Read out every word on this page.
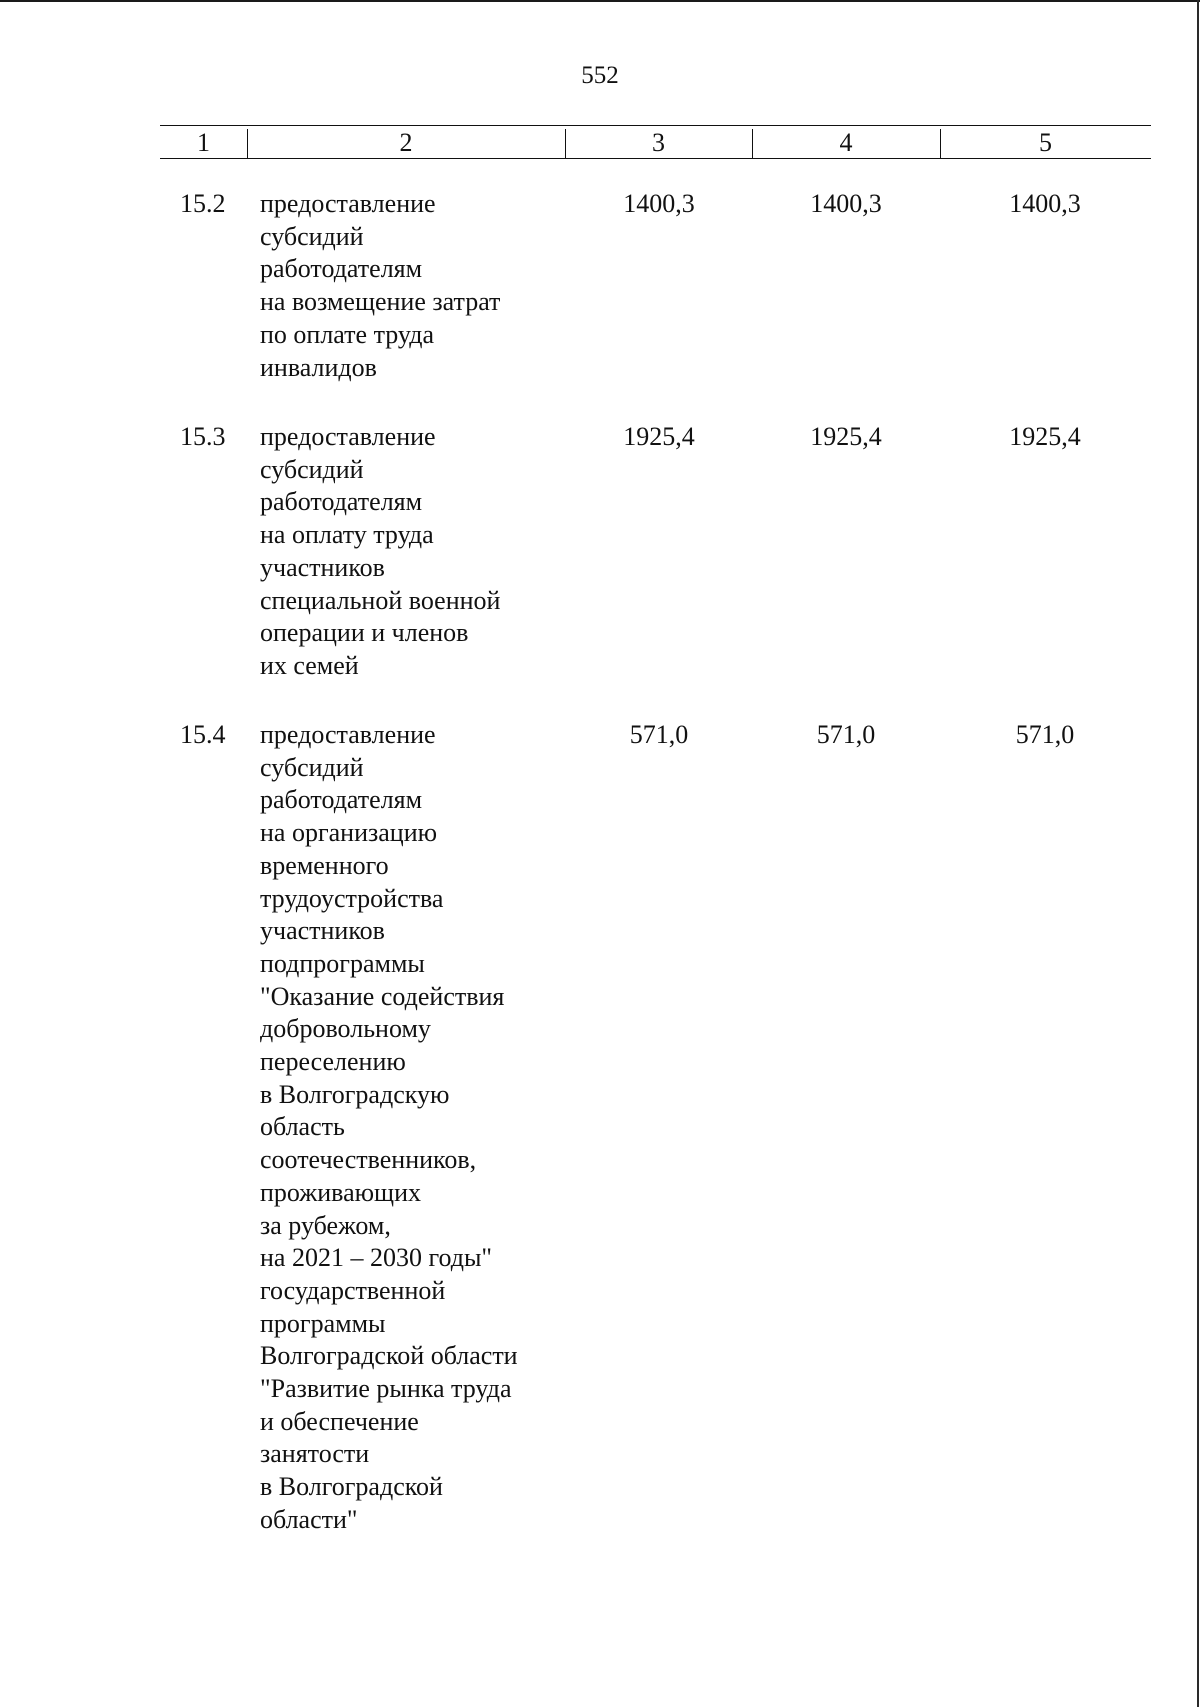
552
1	2	3	4	5
15.2	предоставление
субсидий
работодателям
на возмещение затрат
по оплате труда
инвалидов
1400,3	1400,3	1400,3
15.3	предоставление
субсидий
работодателям
на оплату труда
участников
специальной военной
операции и членов
их семей
1925,4	1925,4	1925,4
15.4	предоставление
субсидий
работодателям
на организацию
временного
трудоустройства
участников
подпрограммы
"Оказание содействия
добровольному
переселению
в Волгоградскую
область
соотечественников,
проживающих
за рубежом,
на 2021 – 2030 годы"
государственной
программы
Волгоградской области
"Развитие рынка труда
и обеспечение
занятости
в Волгоградской
области"
571,0	571,0	571,0
